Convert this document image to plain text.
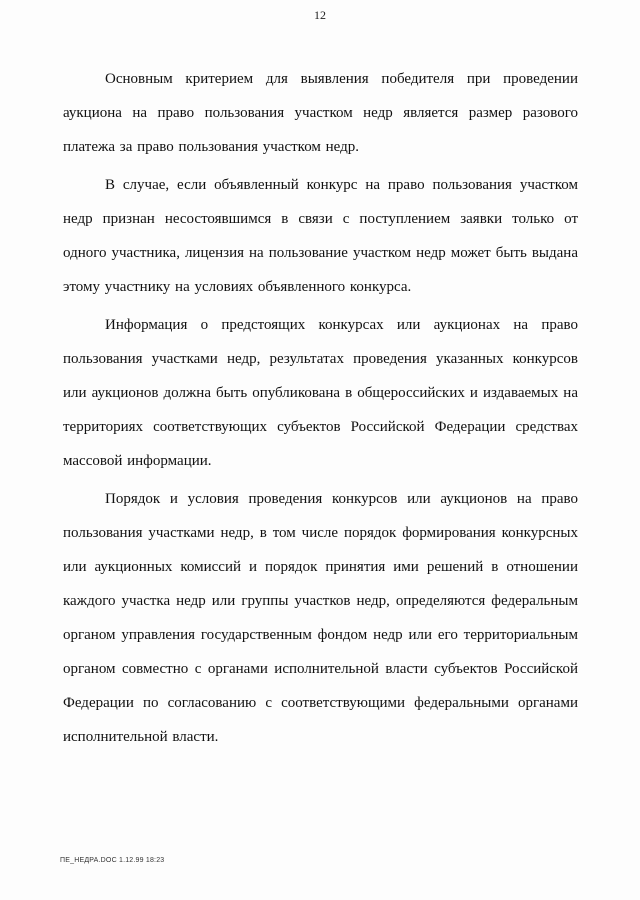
12

Основным критерием для выявления победителя при проведении аукциона на право пользования участком недр является размер разового платежа за право пользования участком недр.

В случае, если объявленный конкурс на право пользования участком недр признан несостоявшимся в связи с поступлением заявки только от одного участника, лицензия на пользование участком недр может быть выдана этому участнику на условиях объявленного конкурса.

Информация о предстоящих конкурсах или аукционах на право пользования участками недр, результатах проведения указанных конкурсов или аукционов должна быть опубликована в общероссийских и издаваемых на территориях соответствующих субъектов Российской Федерации средствах массовой информации.

Порядок и условия проведения конкурсов или аукционов на право пользования участками недр, в том числе порядок формирования конкурсных или аукционных комиссий и порядок принятия ими решений в отношении каждого участка недр или группы участков недр, определяются федеральным органом управления государственным фондом недр или его территориальным органом совместно с органами исполнительной власти субъектов Российской Федерации по согласованию с соответствующими федеральными органами исполнительной власти.

ПЕ_НЕДРА.DOC 1.12.99 18:23
